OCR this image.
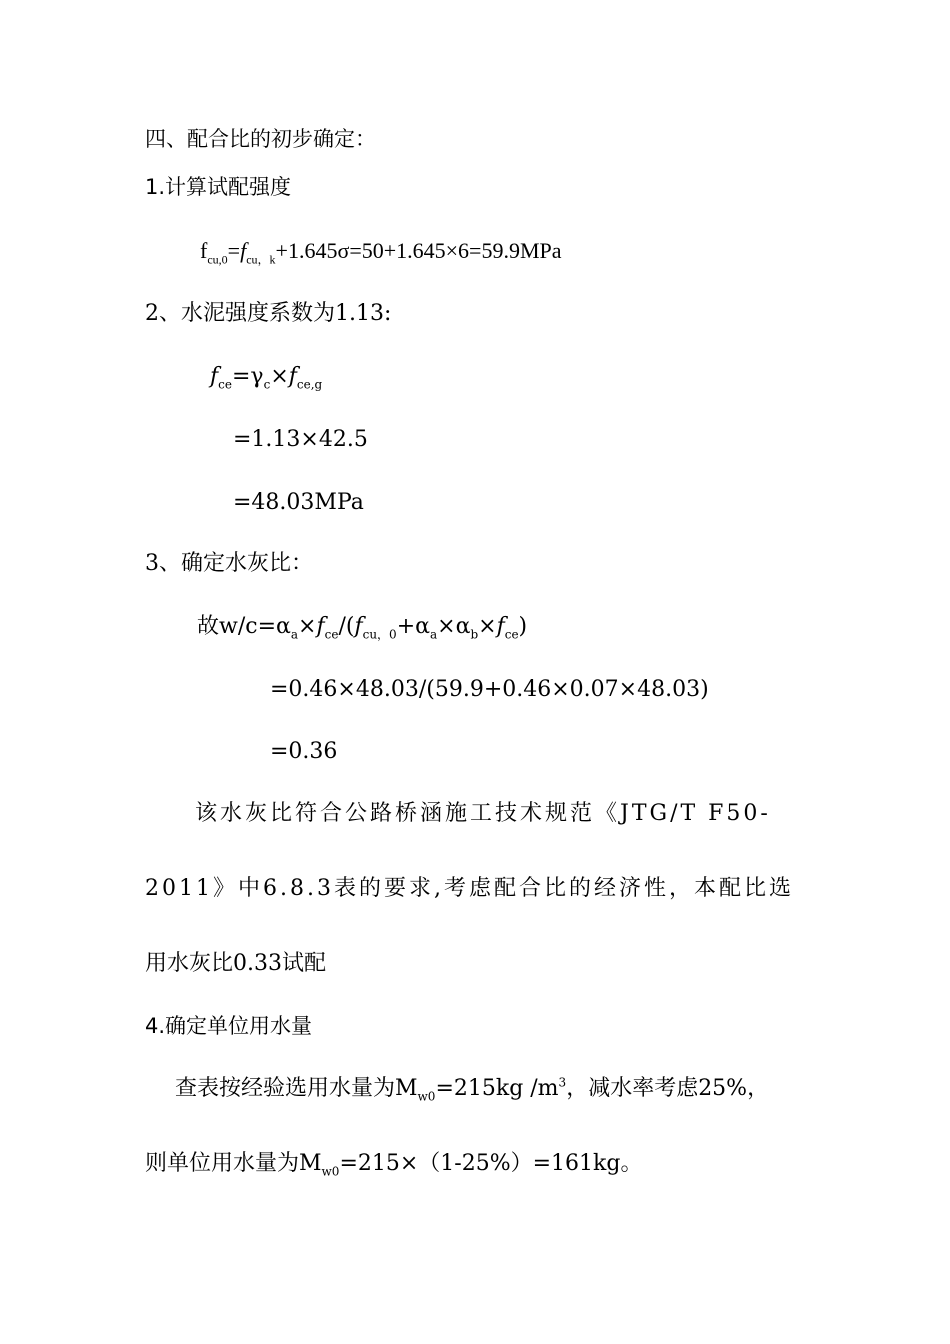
四、配合比的初步确定：
1.计算试配强度
$f_{cu,0}=f_{cu,k}+1.645\sigma=50+1.645\times 6=59.9MPa$
2、水泥强度系数为1.13:
$f_{ce}=\gamma_c\times f_{ce,g}$
=1.13×42.5
=48.03MPa
3、确定水灰比：
故$w/c=\alpha_a\times f_{ce}/(f_{cu,0}+\alpha_a\times\alpha_b\times f_{ce})$
=0.46×48.03/(59.9+0.46×0.07×48.03)
=0.36
该水灰比符合公路桥涵施工技术规范《JTG/T F50-
2011》中6.8.3表的要求,考虑配合比的经济性，本配比选
用水灰比0.33试配
4.确定单位用水量
查表按经验选用水量为$M_{w0}=215kg$ $/m^3$，减水率考虑25%，
则单位用水量为$M_{w0}=215\times(1-25\%)=161kg$。
